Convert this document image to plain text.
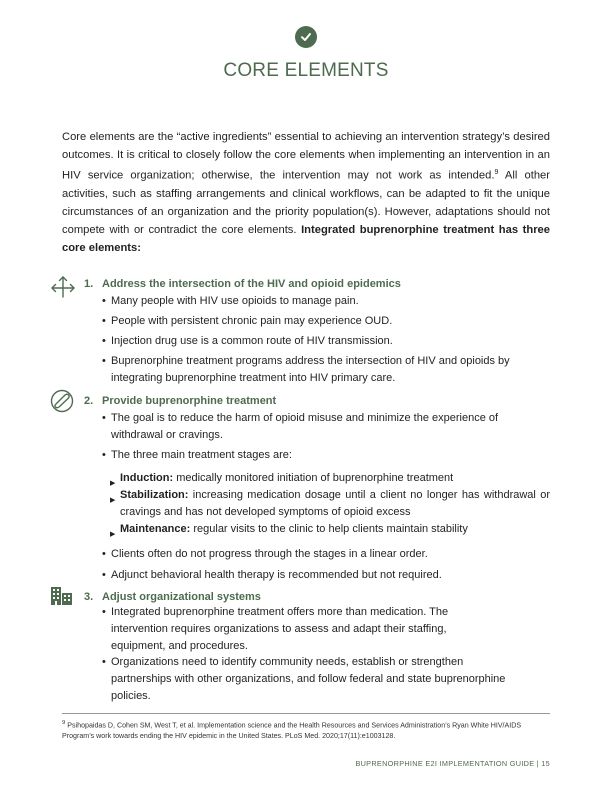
CORE ELEMENTS

Core elements are the “active ingredients” essential to achieving an intervention strategy’s desired outcomes. It is critical to closely follow the core elements when implementing an intervention in an HIV service organization; otherwise, the intervention may not work as intended.$^9$ All other activities, such as staffing arrangements and clinical workflows, can be adapted to fit the unique circumstances of an organization and the priority population(s). However, adaptations should not compete with or contradict the core elements. Integrated buprenorphine treatment has three core elements:

1. Address the intersection of the HIV and opioid epidemics
• Many people with HIV use opioids to manage pain.
• People with persistent chronic pain may experience OUD.
• Injection drug use is a common route of HIV transmission.
• Buprenorphine treatment programs address the intersection of HIV and opioids by integrating buprenorphine treatment into HIV primary care.
2. Provide buprenorphine treatment
• The goal is to reduce the harm of opioid misuse and minimize the experience of withdrawal or cravings.
• The three main treatment stages are:
▶ Induction: medically monitored initiation of buprenorphine treatment
▶ Stabilization: increasing medication dosage until a client no longer has withdrawal or cravings and has not developed symptoms of opioid excess
▶ Maintenance: regular visits to the clinic to help clients maintain stability
• Clients often do not progress through the stages in a linear order.
• Adjunct behavioral health therapy is recommended but not required.
3. Adjust organizational systems
• Integrated buprenorphine treatment offers more than medication. The intervention requires organizations to assess and adapt their staffing, equipment, and procedures.
• Organizations need to identify community needs, establish or strengthen partnerships with other organizations, and follow federal and state buprenorphine policies.
$^9$ Psihopaidas D, Cohen SM, West T, et al. Implementation science and the Health Resources and Services Administration’s Ryan White HIV/AIDS Program’s work towards ending the HIV epidemic in the United States. PLoS Med. 2020;17(11):e1003128.
BUPRENORPHINE E2I IMPLEMENTATION GUIDE | 15
